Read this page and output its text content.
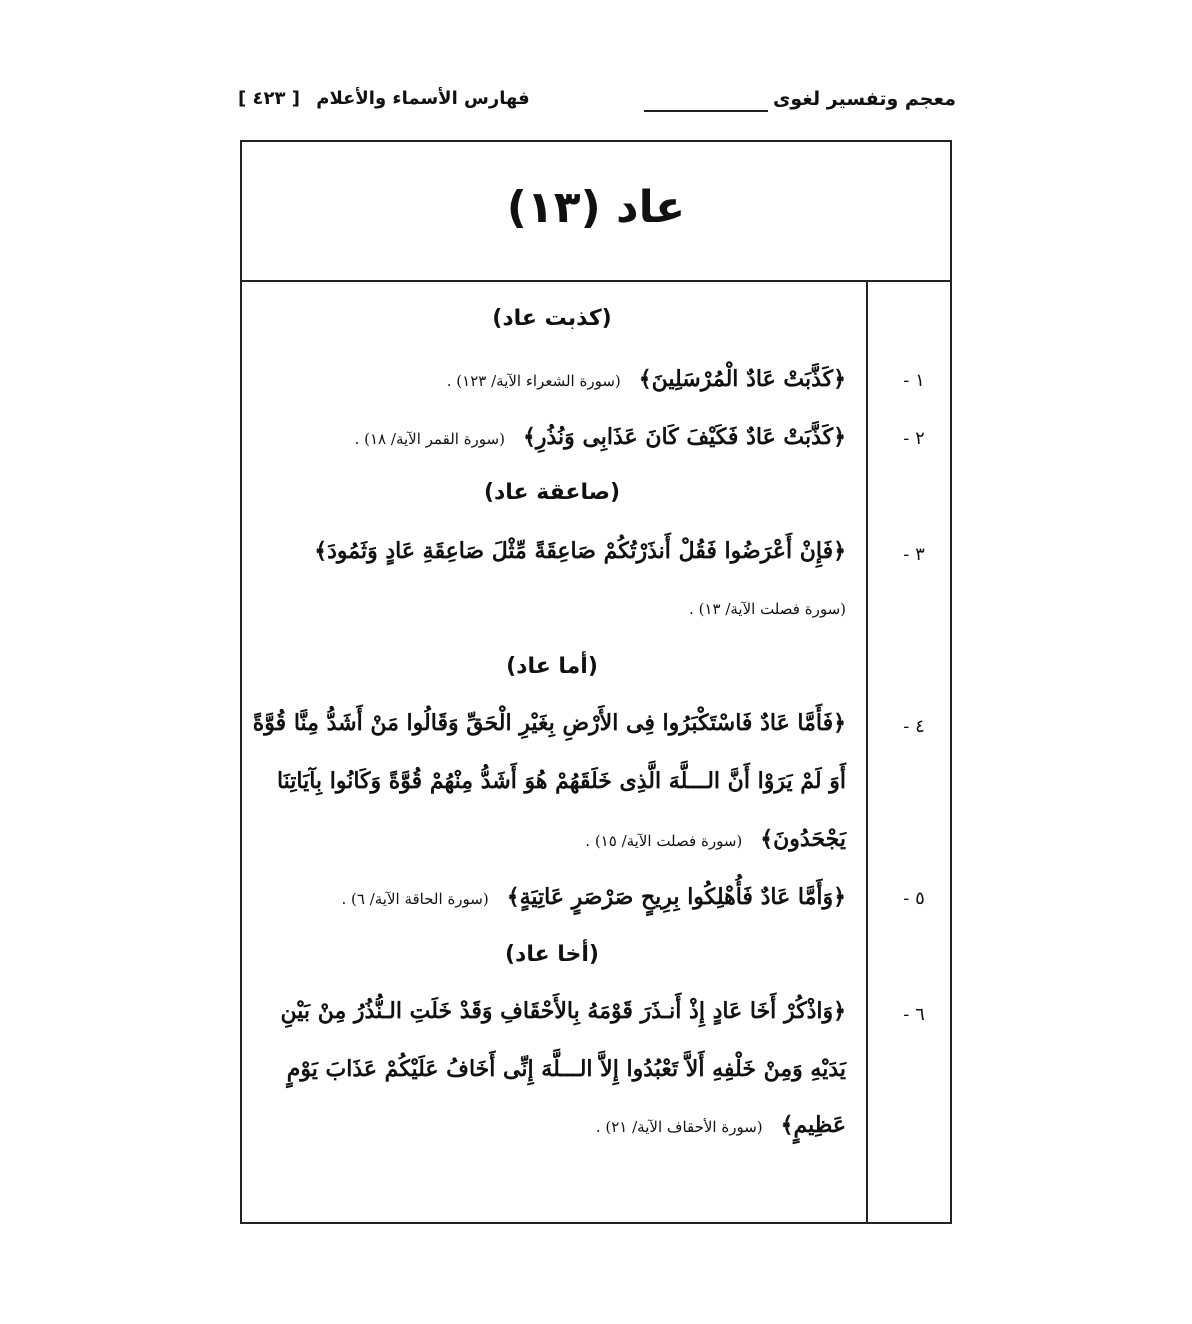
معجم وتفسير لغوى
فهارس الأسماء والأعلام [ ٤٢٣ ]
عاد (١٣)
(كذبت عاد)
١ -
﴿كَذَّبَتْ عَادٌ الْمُرْسَلِينَ﴾(سورة الشعراء الآية/ ١٢٣) .
٢ -
﴿كَذَّبَتْ عَادٌ فَكَيْفَ كَانَ عَذَابِى وَنُذُرِ﴾(سورة القمر الآية/ ١٨) .
(صاعقة عاد)
٣ -
﴿فَإِنْ أَعْرَضُوا فَقُلْ أَنذَرْتُكُمْ صَاعِقَةً مِّثْلَ صَاعِقَةِ عَادٍ وَثَمُودَ﴾
(سورة فصلت الآية/ ١٣) .
(أما عاد)
٤ -
﴿فَأَمَّا عَادٌ فَاسْتَكْبَرُوا فِى الأَرْضِ بِغَيْرِ الْحَقِّ وَقَالُوا مَنْ أَشَدُّ مِنَّا قُوَّةً
أَوَ لَمْ يَرَوْا أَنَّ الـــلَّهَ الَّذِى خَلَقَهُمْ هُوَ أَشَدُّ مِنْهُمْ قُوَّةً وَكَانُوا بِآيَاتِنَا
يَجْحَدُونَ﴾(سورة فصلت الآية/ ١٥) .
٥ -
﴿وَأَمَّا عَادٌ فَأُهْلِكُوا بِرِيحٍ صَرْصَرٍ عَاتِيَةٍ﴾(سورة الحاقة الآية/ ٦) .
(أخا عاد)
٦ -
﴿وَاذْكُرْ أَخَا عَادٍ إِذْ أَنـذَرَ قَوْمَهُ بِالأَحْقَافِ وَقَدْ خَلَتِ الـنُّذُرُ مِنْ بَيْنِ
يَدَيْهِ وَمِنْ خَلْفِهِ أَلاَّ تَعْبُدُوا إِلاَّ الـــلَّهَ إِنِّى أَخَافُ عَلَيْكُمْ عَذَابَ يَوْمٍ
عَظِيمٍ﴾(سورة الأحقاف الآية/ ٢١) .
